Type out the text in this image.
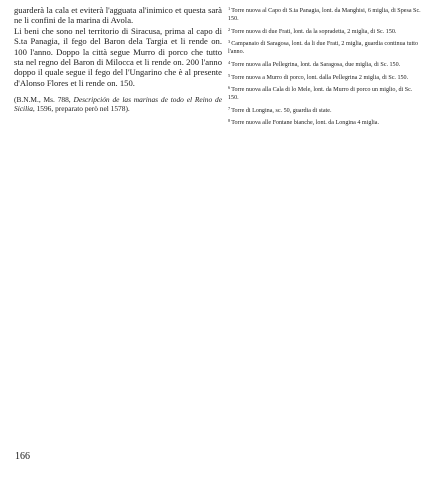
guarderà la cala et eviterà l'agguata al'inimico et questa sarà ne li confini de la marina di Avola.

Li beni che sono nel territorio di Siracusa, prima al capo di S.ta Panagia, il fego del Baron dela Targia et li rende on. 100 l'anno. Doppo la città segue Murro di porco che tutto sta nel regno del Baron di Milocca et li rende on. 200 l'anno doppo il quale segue il fego del l'Ungarino che è al presente d'Alonso Flores et li rende on. 150.

(B.N.M., Ms. 788, Descripción de las marinas de todo el Reino de Sicilia, 1596, preparato però nel 1578).

$^1$Torre nuova al Capo di S.ta Panagia, lont. da Manghisi, 6 miglia, di Spesa Sc. 150.

$^2$Torre nuova di due Frati, lont. da la sopradetta, 2 miglia, di Sc. 150.

$^3$Campanaio di Saragosa, lont. da li due Frati, 2 miglia, guardia continua tutto l'anno.

$^4$Torre nuova alla Pellegrina, lont. da Saragosa, due miglia, di Sc. 150.

$^5$Torre nuova a Murro di porco, lont. dalla Pellegrina 2 miglia, di Sc. 150.

$^6$Torre nuova alla Cala di lo Mele, lont. da Murro di porco un miglio, di Sc. 150.

$^7$Torre di Longina, sc. 50, guardia di state.

$^8$Torre nuova alle Fontane bianche, lont. da Longina 4 miglia.

166
